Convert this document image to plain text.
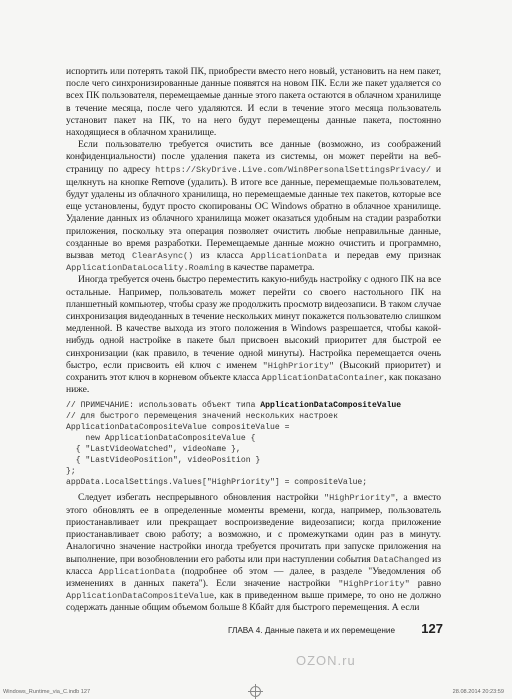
испортить или потерять такой ПК, приобрести вместо него новый, установить на нем пакет, после чего синхронизированные данные появятся на новом ПК. Если же пакет удаляется со всех ПК пользователя, перемещаемые данные этого пакета остаются в облачном хранилище в течение месяца, после чего удаляются. И если в течение этого месяца пользователь установит пакет на ПК, то на него будут перемещены данные пакета, постоянно находящиеся в облачном хранилище.

Если пользователю требуется очистить все данные (возможно, из соображений конфиденциальности) после удаления пакета из системы, он может перейти на веб-страницу по адресу https://SkyDrive.Live.com/Win8PersonalSettingsPrivacy/ и щелкнуть на кнопке Remove (удалить). В итоге все данные, перемещаемые пользователем, будут удалены из облачного хранилища, но перемещаемые данные тех пакетов, которые все еще установлены, будут просто скопированы ОС Windows обратно в облачное хранилище. Удаление данных из облачного хранилища может оказаться удобным на стадии разработки приложения, поскольку эта операция позволяет очистить любые неправильные данные, созданные во время разработки. Перемещаемые данные можно очистить и программно, вызвав метод ClearAsync() из класса ApplicationData и передав ему признак ApplicationDataLocality.Roaming в качестве параметра.

Иногда требуется очень быстро переместить какую-нибудь настройку с одного ПК на все остальные. Например, пользователь может перейти со своего настольного ПК на планшетный компьютер, чтобы сразу же продолжить просмотр видеозаписи. В таком случае синхронизация видеоданных в течение нескольких минут покажется пользователю слишком медленной. В качестве выхода из этого положения в Windows разрешается, чтобы какой-нибудь одной настройке в пакете был присвоен высокий приоритет для быстрой ее синхронизации (как правило, в течение одной минуты). Настройка перемещается очень быстро, если присвоить ей ключ с именем "HighPriority" (Высокий приоритет) и сохранить этот ключ в корневом объекте класса ApplicationDataContainer, как показано ниже.

// ПРИМЕЧАНИЕ: использовать объект типа ApplicationDataCompositeValue
// для быстрого перемещения значений нескольких настроек
ApplicationDataCompositeValue compositeValue =
new ApplicationDataCompositeValue {
{ "LastVideoWatched", videoName },
{ "LastVideoPosition", videoPosition }
};
appData.LocalSettings.Values["HighPriority"] = compositeValue;

Следует избегать неспрерывного обновления настройки "HighPriority", а вместо этого обновлять ее в определенные моменты времени, когда, например, пользователь приостанавливает или прекращает воспроизведение видеозаписи; когда приложение приостанавливает свою работу; а возможно, и с промежутками один раз в минуту. Аналогично значение настройки иногда требуется прочитать при запуске приложения на выполнение, при возобновлении его работы или при наступлении события DataChanged из класса ApplicationData (подробнее об этом — далее, в разделе "Уведомления об изменениях в данных пакета"). Если значение настройки "HighPriority" равно ApplicationDataCompositeValue, как в приведенном выше примере, то оно не должно содержать данные общим объемом больше 8 Кбайт для быстрого перемещения. А если

ГЛАВА 4. Данные пакета и их перемещение 127
OZON.ru
Windows_Runtime_via_C.indb 127	28.08.2014 20:23:59
